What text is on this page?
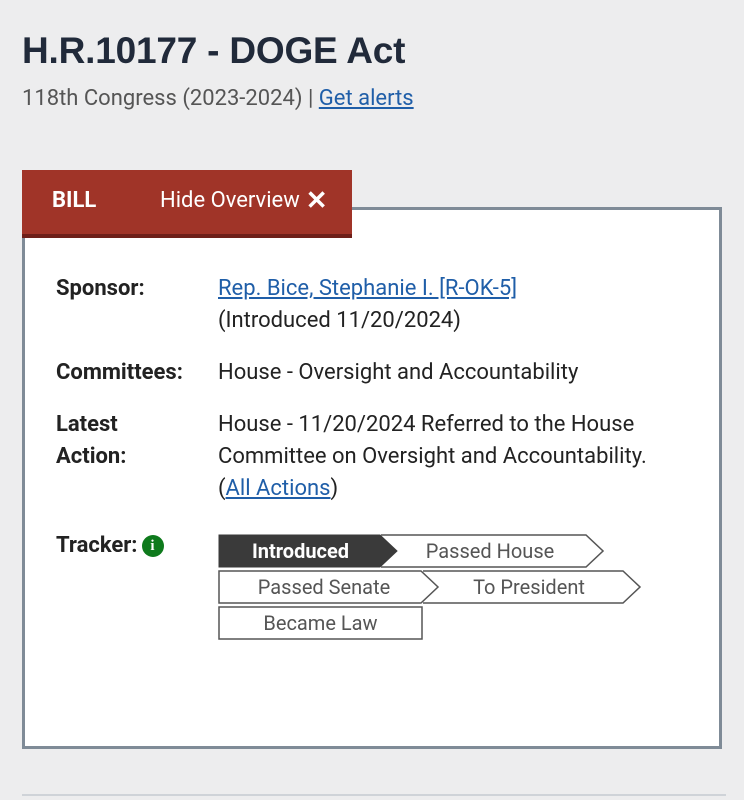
H.R.10177 - DOGE Act
118th Congress (2023-2024) | Get alerts
BILL	Hide Overview ✕
Sponsor:	Rep. Bice, Stephanie I. [R-OK-5]
(Introduced 11/20/2024)
Committees: House - Oversight and Accountability
Latest
Action:
House - 11/20/2024 Referred to the House Committee on Oversight and Accountability.  (All Actions)
Tracker: i	Introduced	Passed House
Passed Senate	To President
Became Law
